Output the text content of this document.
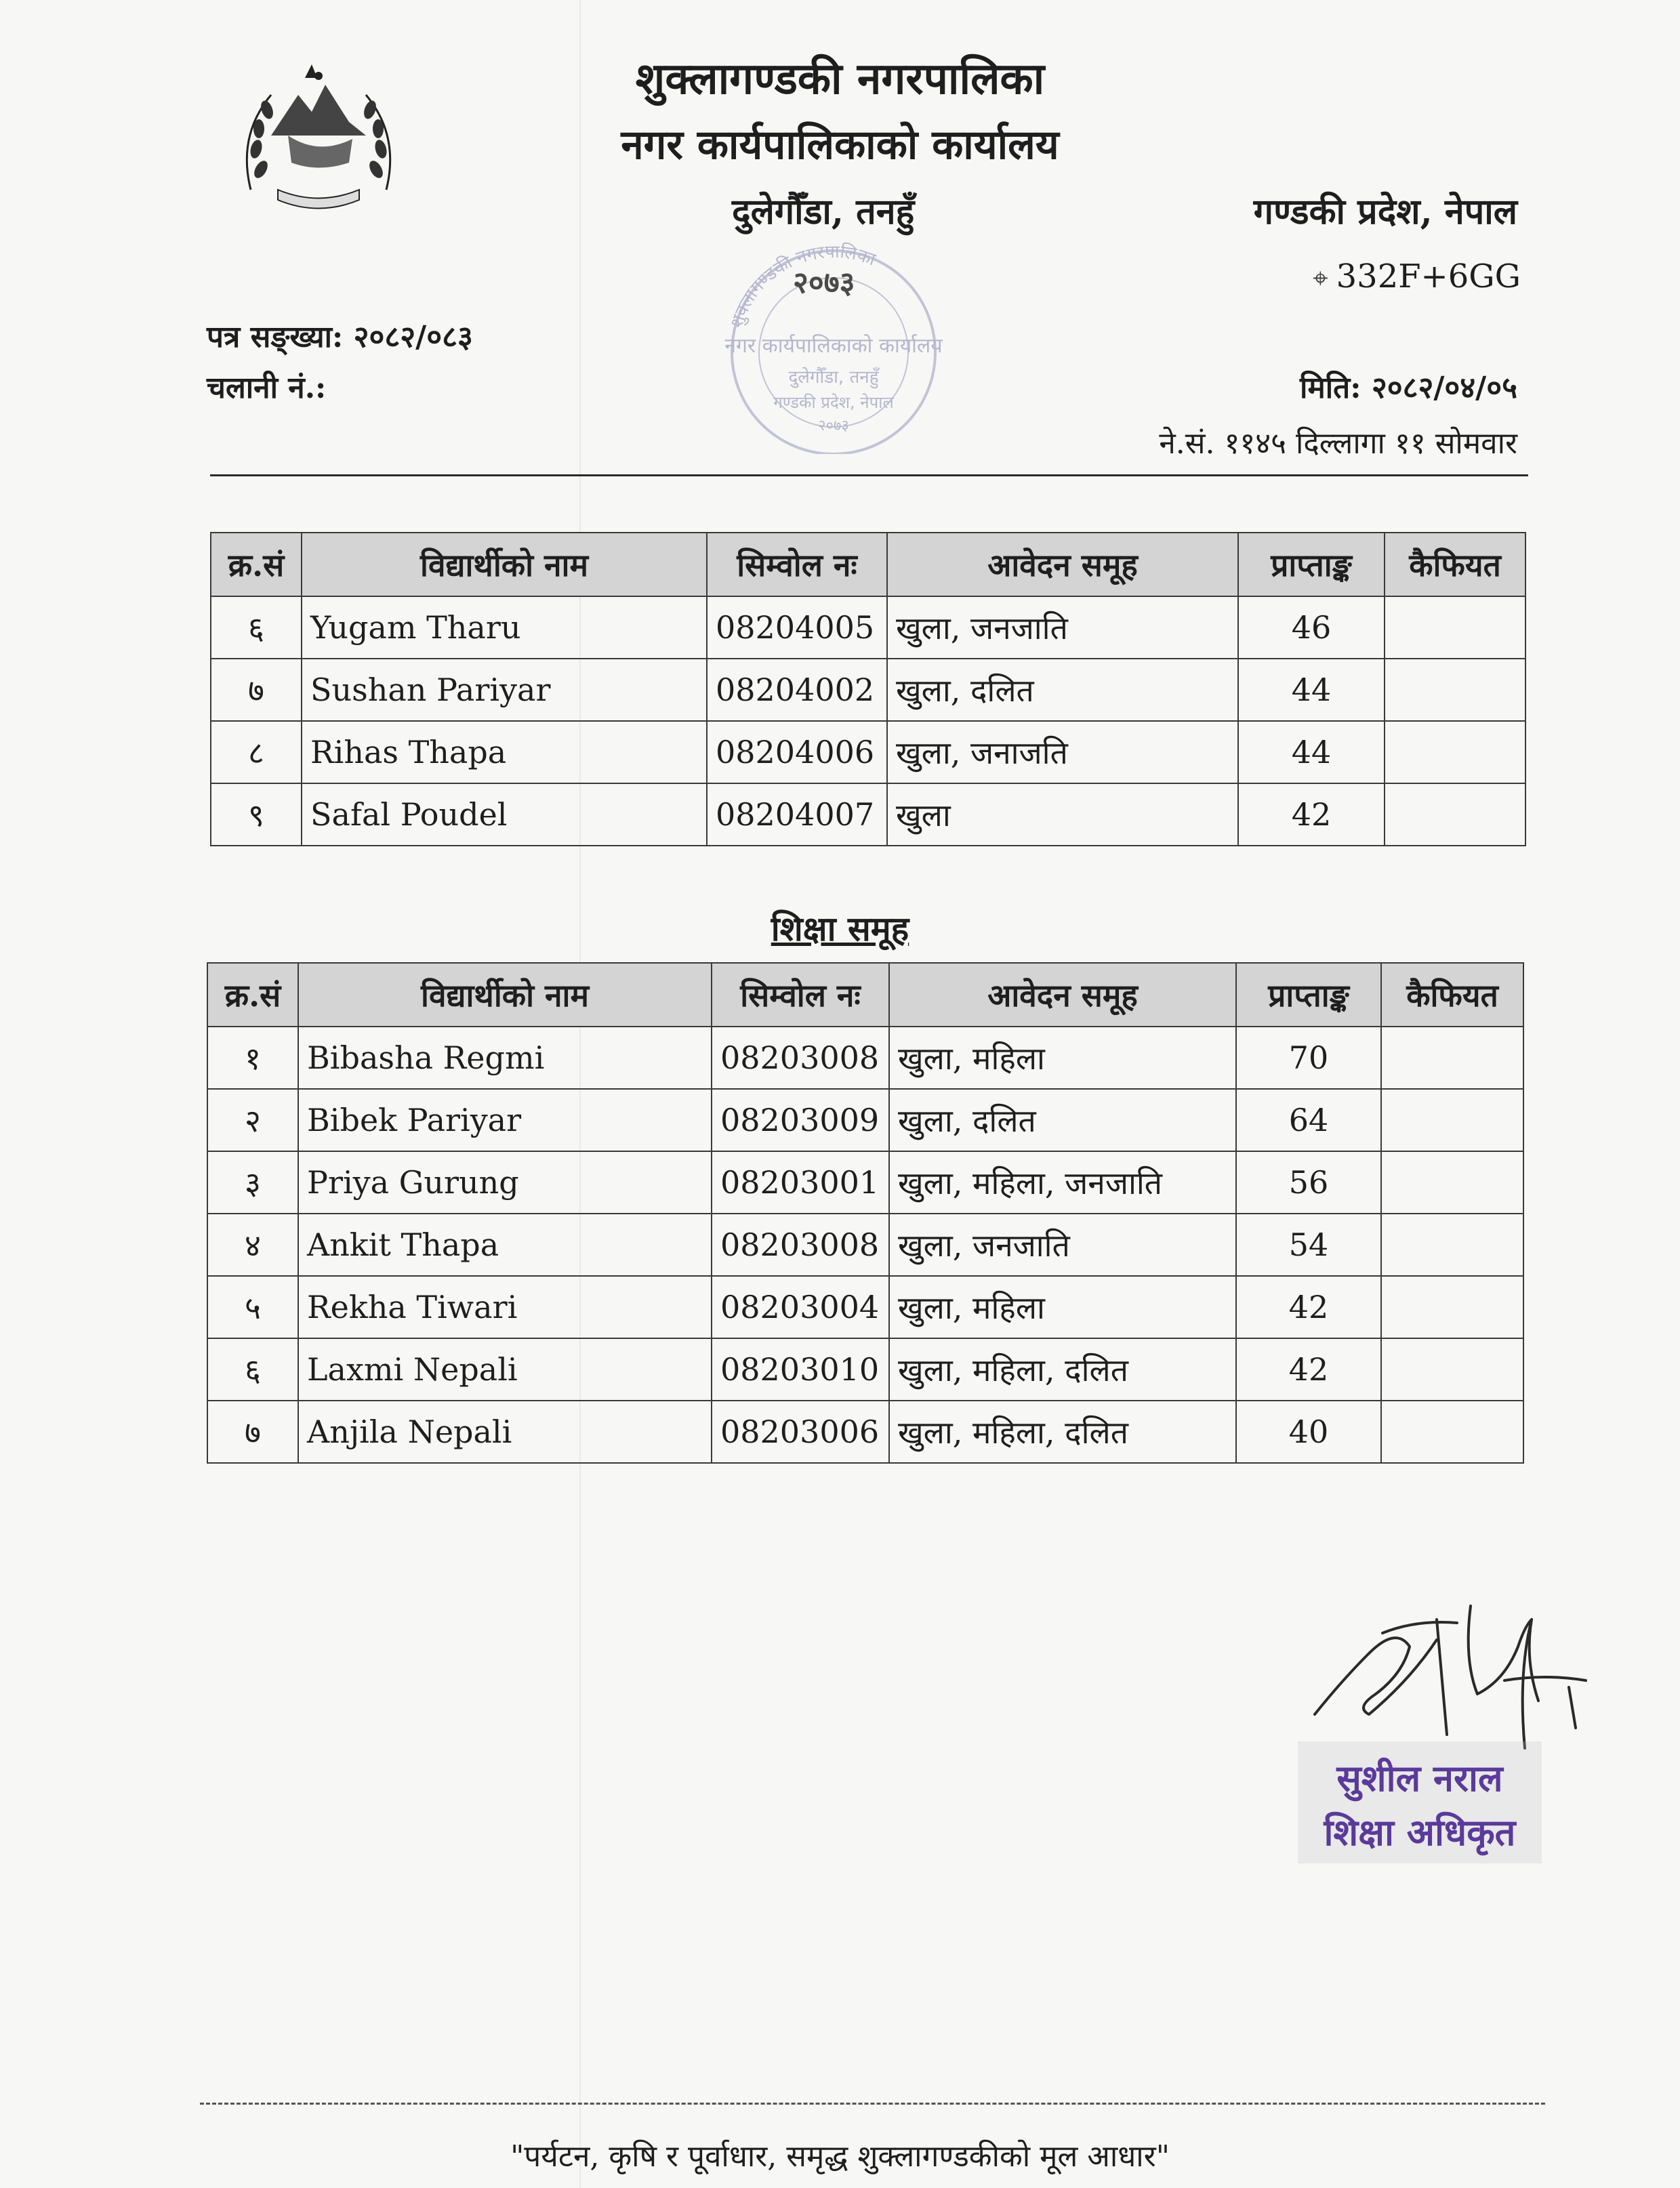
शुक्लागण्डकी नगरपालिका
नगर कार्यपालिकाको कार्यालय
दुलेगौँडा, तनहुँ	गण्डकी प्रदेश, नेपाल
⌖ 332F+6GG
शुक्लागण्डकी नगरपालिका
नगर कार्यपालिकाको कार्यालय
दुलेगौँडा, तनहुँ
गण्डकी प्रदेश, नेपाल
२०७३
२०७३
पत्र सङ्ख्या: २०८२/०८३
चलानी नं.:	मिति: २०८२/०४/०५
ने.सं. ११४५ दिल्लागा ११ सोमवार
क्र.सं	विद्यार्थीको नाम	सिम्वोल नः	आवेदन समूह	प्राप्ताङ्क	कैफियत
६	Yugam Tharu	08204005	खुला, जनजाति	46	
७	Sushan Pariyar	08204002	खुला, दलित	44	
८	Rihas Thapa	08204006	खुला, जनाजति	44	
९	Safal Poudel	08204007	खुला	42	
शिक्षा समूह
क्र.सं	विद्यार्थीको नाम	सिम्वोल नः	आवेदन समूह	प्राप्ताङ्क	कैफियत
१	Bibasha Regmi	08203008	खुला, महिला	70	
२	Bibek Pariyar	08203009	खुला, दलित	64	
३	Priya Gurung	08203001	खुला, महिला, जनजाति	56	
४	Ankit Thapa	08203008	खुला, जनजाति	54	
५	Rekha Tiwari	08203004	खुला, महिला	42	
६	Laxmi Nepali	08203010	खुला, महिला, दलित	42	
७	Anjila Nepali	08203006	खुला, महिला, दलित	40	
सुशील नराल
शिक्षा अधिकृत
"पर्यटन, कृषि र पूर्वाधार, समृद्ध शुक्लागण्डकीको मूल आधार"
